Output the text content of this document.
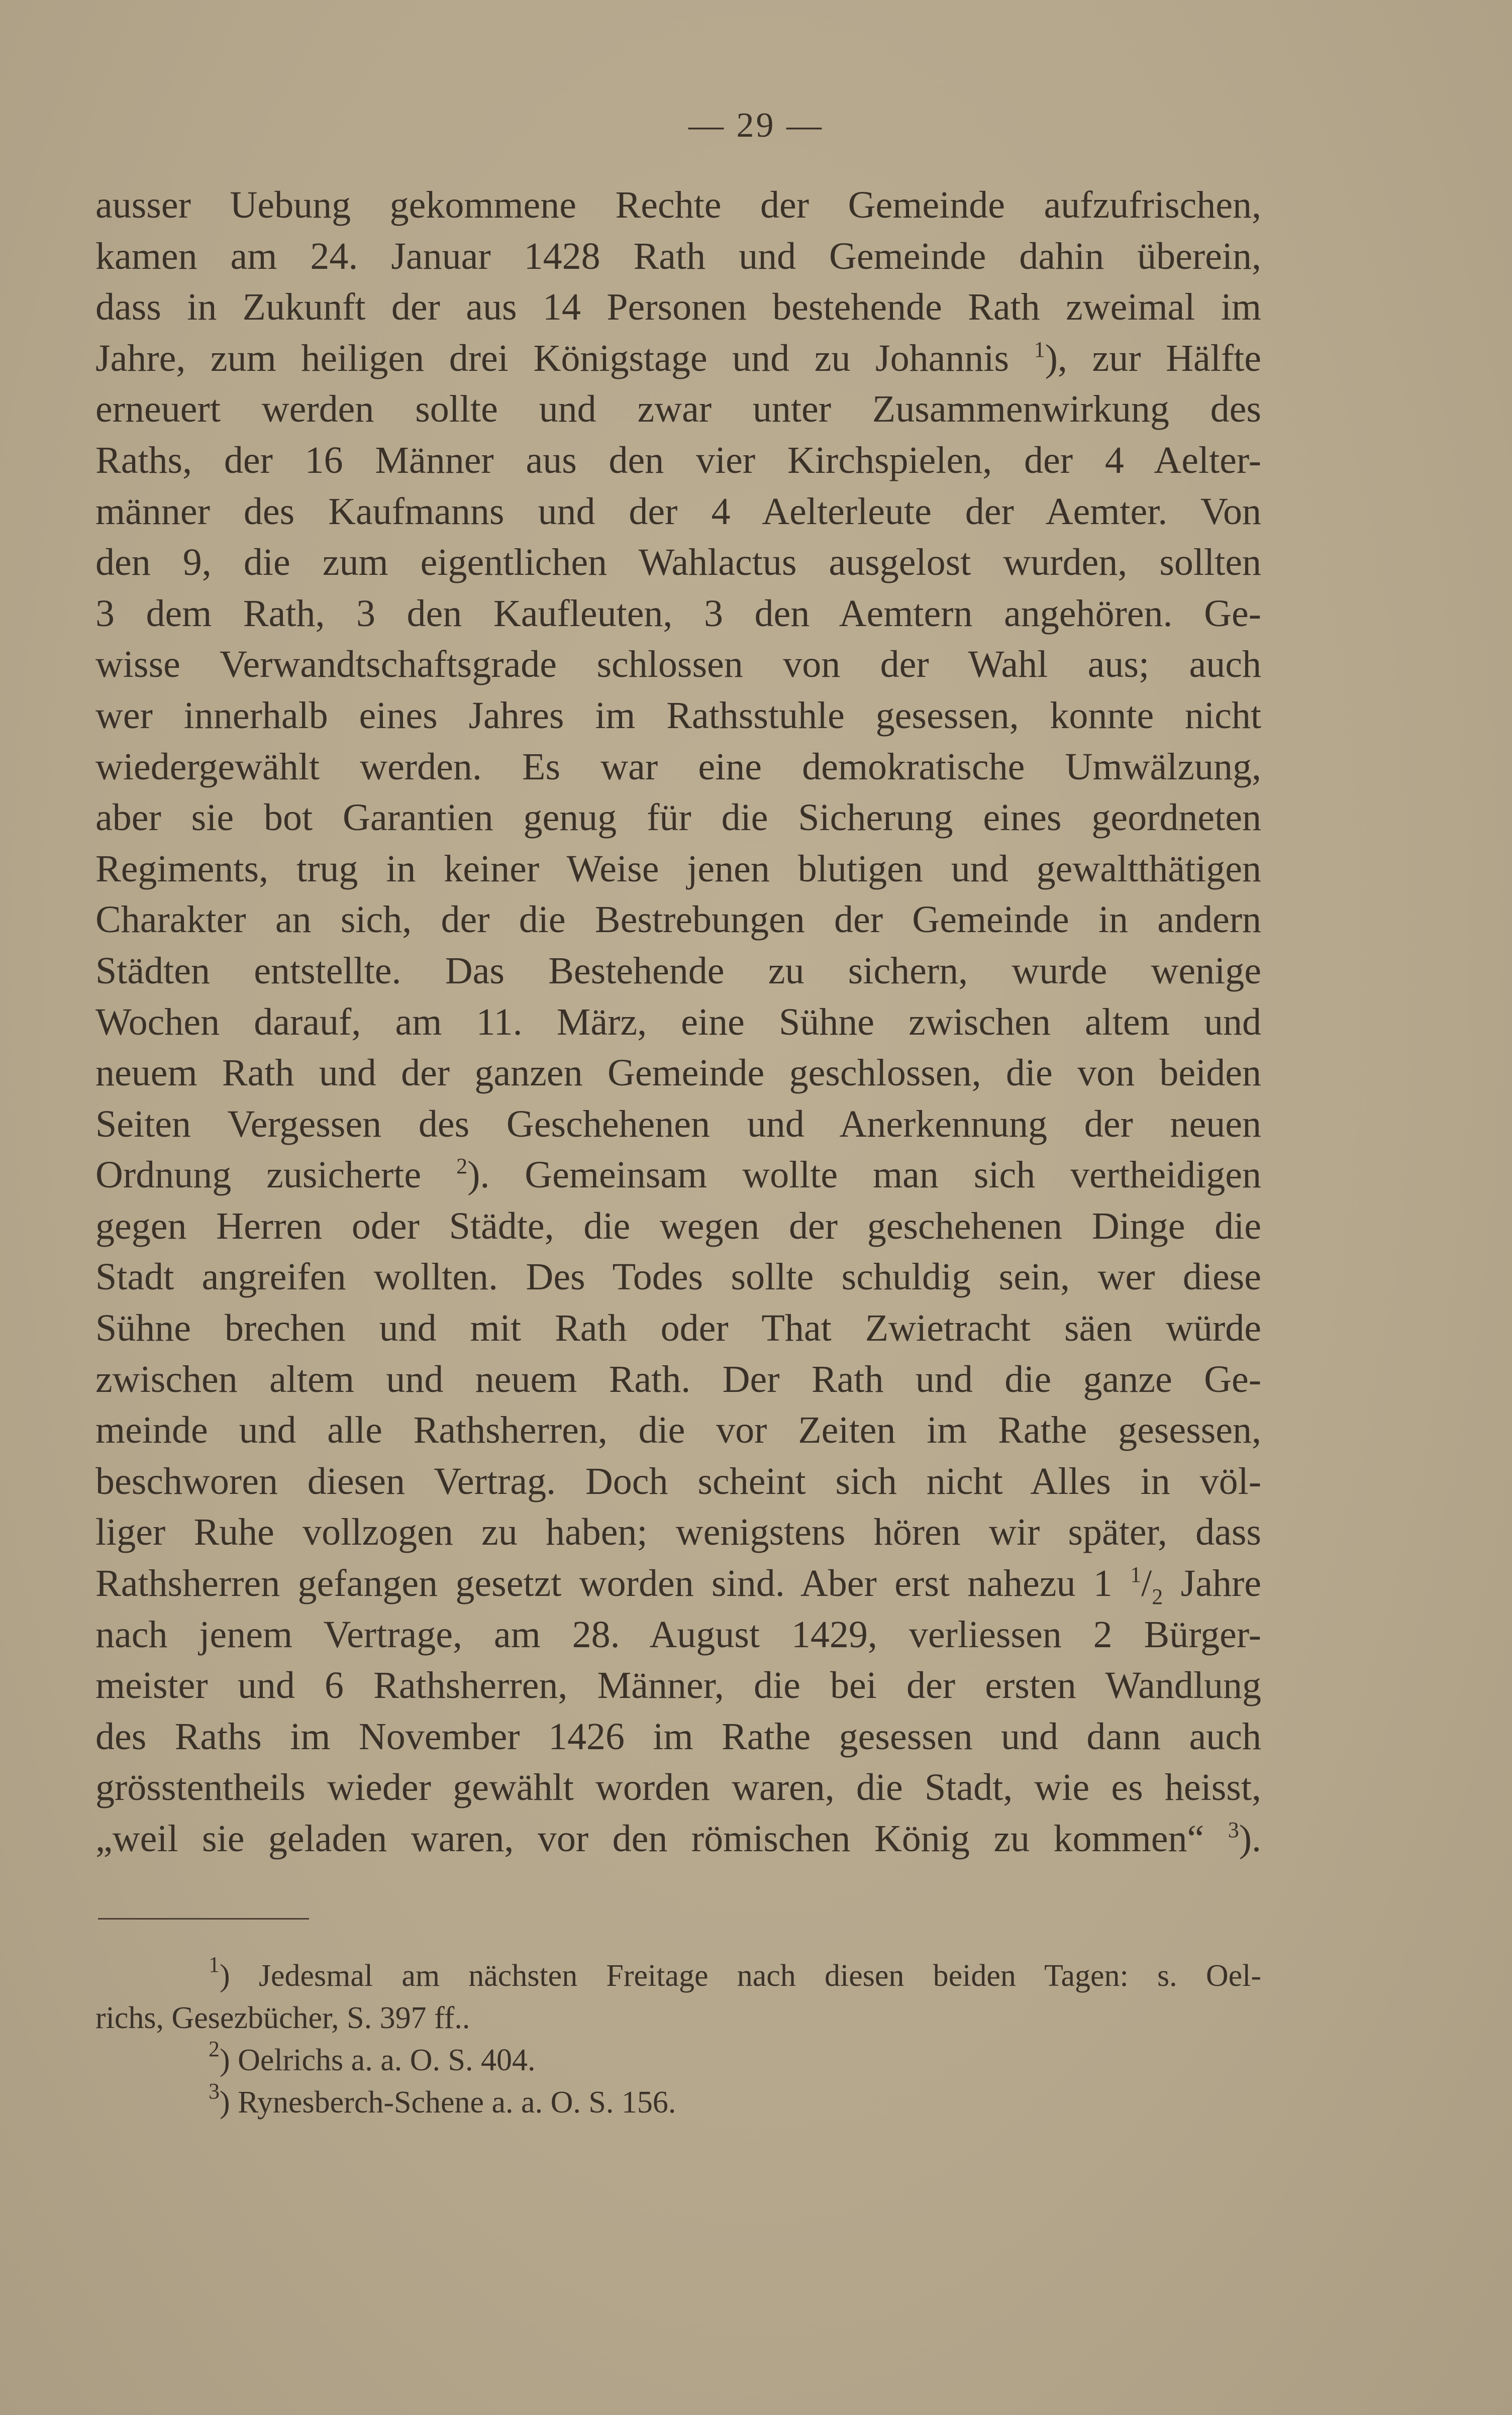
— 29 —
ausser Uebung gekommene Rechte der Gemeinde aufzufrischen,
kamen am 24. Januar 1428 Rath und Gemeinde dahin überein,
dass in Zukunft der aus 14 Personen bestehende Rath zweimal im
Jahre, zum heiligen drei Königstage und zu Johannis $^1$), zur Hälfte
erneuert werden sollte und zwar unter Zusammenwirkung des
Raths, der 16 Männer aus den vier Kirchspielen, der 4 Aelter-
männer des Kaufmanns und der 4 Aelterleute der Aemter. Von
den 9, die zum eigentlichen Wahlactus ausgelost wurden, sollten
3 dem Rath, 3 den Kaufleuten, 3 den Aemtern angehören. Ge-
wisse Verwandtschaftsgrade schlossen von der Wahl aus; auch
wer innerhalb eines Jahres im Rathsstuhle gesessen, konnte nicht
wiedergewählt werden. Es war eine demokratische Umwälzung,
aber sie bot Garantien genug für die Sicherung eines geordneten
Regiments, trug in keiner Weise jenen blutigen und gewaltthätigen
Charakter an sich, der die Bestrebungen der Gemeinde in andern
Städten entstellte. Das Bestehende zu sichern, wurde wenige
Wochen darauf, am 11. März, eine Sühne zwischen altem und
neuem Rath und der ganzen Gemeinde geschlossen, die von beiden
Seiten Vergessen des Geschehenen und Anerkennung der neuen
Ordnung zusicherte $^2$). Gemeinsam wollte man sich vertheidigen
gegen Herren oder Städte, die wegen der geschehenen Dinge die
Stadt angreifen wollten. Des Todes sollte schuldig sein, wer diese
Sühne brechen und mit Rath oder That Zwietracht säen würde
zwischen altem und neuem Rath. Der Rath und die ganze Ge-
meinde und alle Rathsherren, die vor Zeiten im Rathe gesessen,
beschworen diesen Vertrag. Doch scheint sich nicht Alles in völ-
liger Ruhe vollzogen zu haben; wenigstens hören wir später, dass
Rathsherren gefangen gesetzt worden sind. Aber erst nahezu 1 $^1/_2$ Jahre
nach jenem Vertrage, am 28. August 1429, verliessen 2 Bürger-
meister und 6 Rathsherren, Männer, die bei der ersten Wandlung
des Raths im November 1426 im Rathe gesessen und dann auch
grösstentheils wieder gewählt worden waren, die Stadt, wie es heisst,
„weil sie geladen waren, vor den römischen König zu kommen“ $^3$).
$^1$) Jedesmal am nächsten Freitage nach diesen beiden Tagen: s. Oel-
richs, Gesezbücher, S. 397 ff..
$^2$) Oelrichs a. a. O. S. 404.
$^3$) Rynesberch-Schene a. a. O. S. 156.
